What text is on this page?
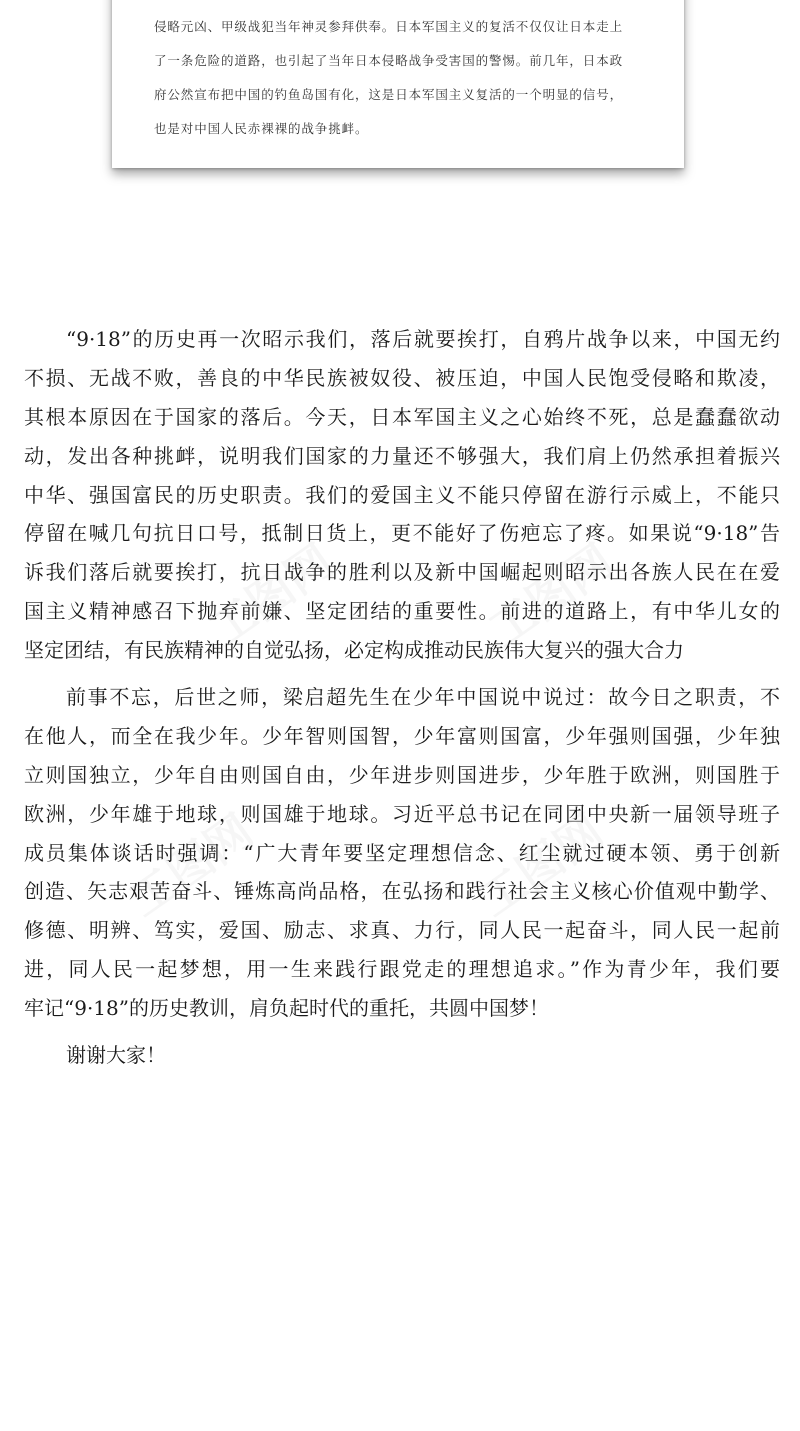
侵略元凶、甲级战犯当年神灵参拜供奉。日本军国主义的复活不仅仅让日本走上
了一条危险的道路，也引起了当年日本侵略战争受害国的警惕。前几年，日本政
府公然宣布把中国的钓鱼岛国有化，这是日本军国主义复活的一个明显的信号，
也是对中国人民赤裸裸的战争挑衅。
“9·18”的历史再一次昭示我们，落后就要挨打，自鸦片战争以来，中国无约
不损、无战不败，善良的中华民族被奴役、被压迫，中国人民饱受侵略和欺凌，
其根本原因在于国家的落后。今天，日本军国主义之心始终不死，总是蠢蠢欲动
动，发出各种挑衅，说明我们国家的力量还不够强大，我们肩上仍然承担着振兴
中华、强国富民的历史职责。我们的爱国主义不能只停留在游行示威上，不能只
停留在喊几句抗日口号，抵制日货上，更不能好了伤疤忘了疼。如果说“9·18”告
诉我们落后就要挨打，抗日战争的胜利以及新中国崛起则昭示出各族人民在在爱
国主义精神感召下抛弃前嫌、坚定团结的重要性。前进的道路上，有中华儿女的
坚定团结，有民族精神的自觉弘扬，必定构成推动民族伟大复兴的强大合力
前事不忘，后世之师，梁启超先生在少年中国说中说过：故今日之职责，不
在他人，而全在我少年。少年智则国智，少年富则国富，少年强则国强，少年独
立则国独立，少年自由则国自由，少年进步则国进步，少年胜于欧洲，则国胜于
欧洲，少年雄于地球，则国雄于地球。习近平总书记在同团中央新一届领导班子
成员集体谈话时强调：“广大青年要坚定理想信念、红尘就过硬本领、勇于创新
创造、矢志艰苦奋斗、锤炼高尚品格，在弘扬和践行社会主义核心价值观中勤学、
修德、明辨、笃实，爱国、励志、求真、力行，同人民一起奋斗，同人民一起前
进，同人民一起梦想，用一生来践行跟党走的理想追求。”作为青少年，我们要
牢记“9·18”的历史教训，肩负起时代的重托，共圆中国梦！
谢谢大家！
